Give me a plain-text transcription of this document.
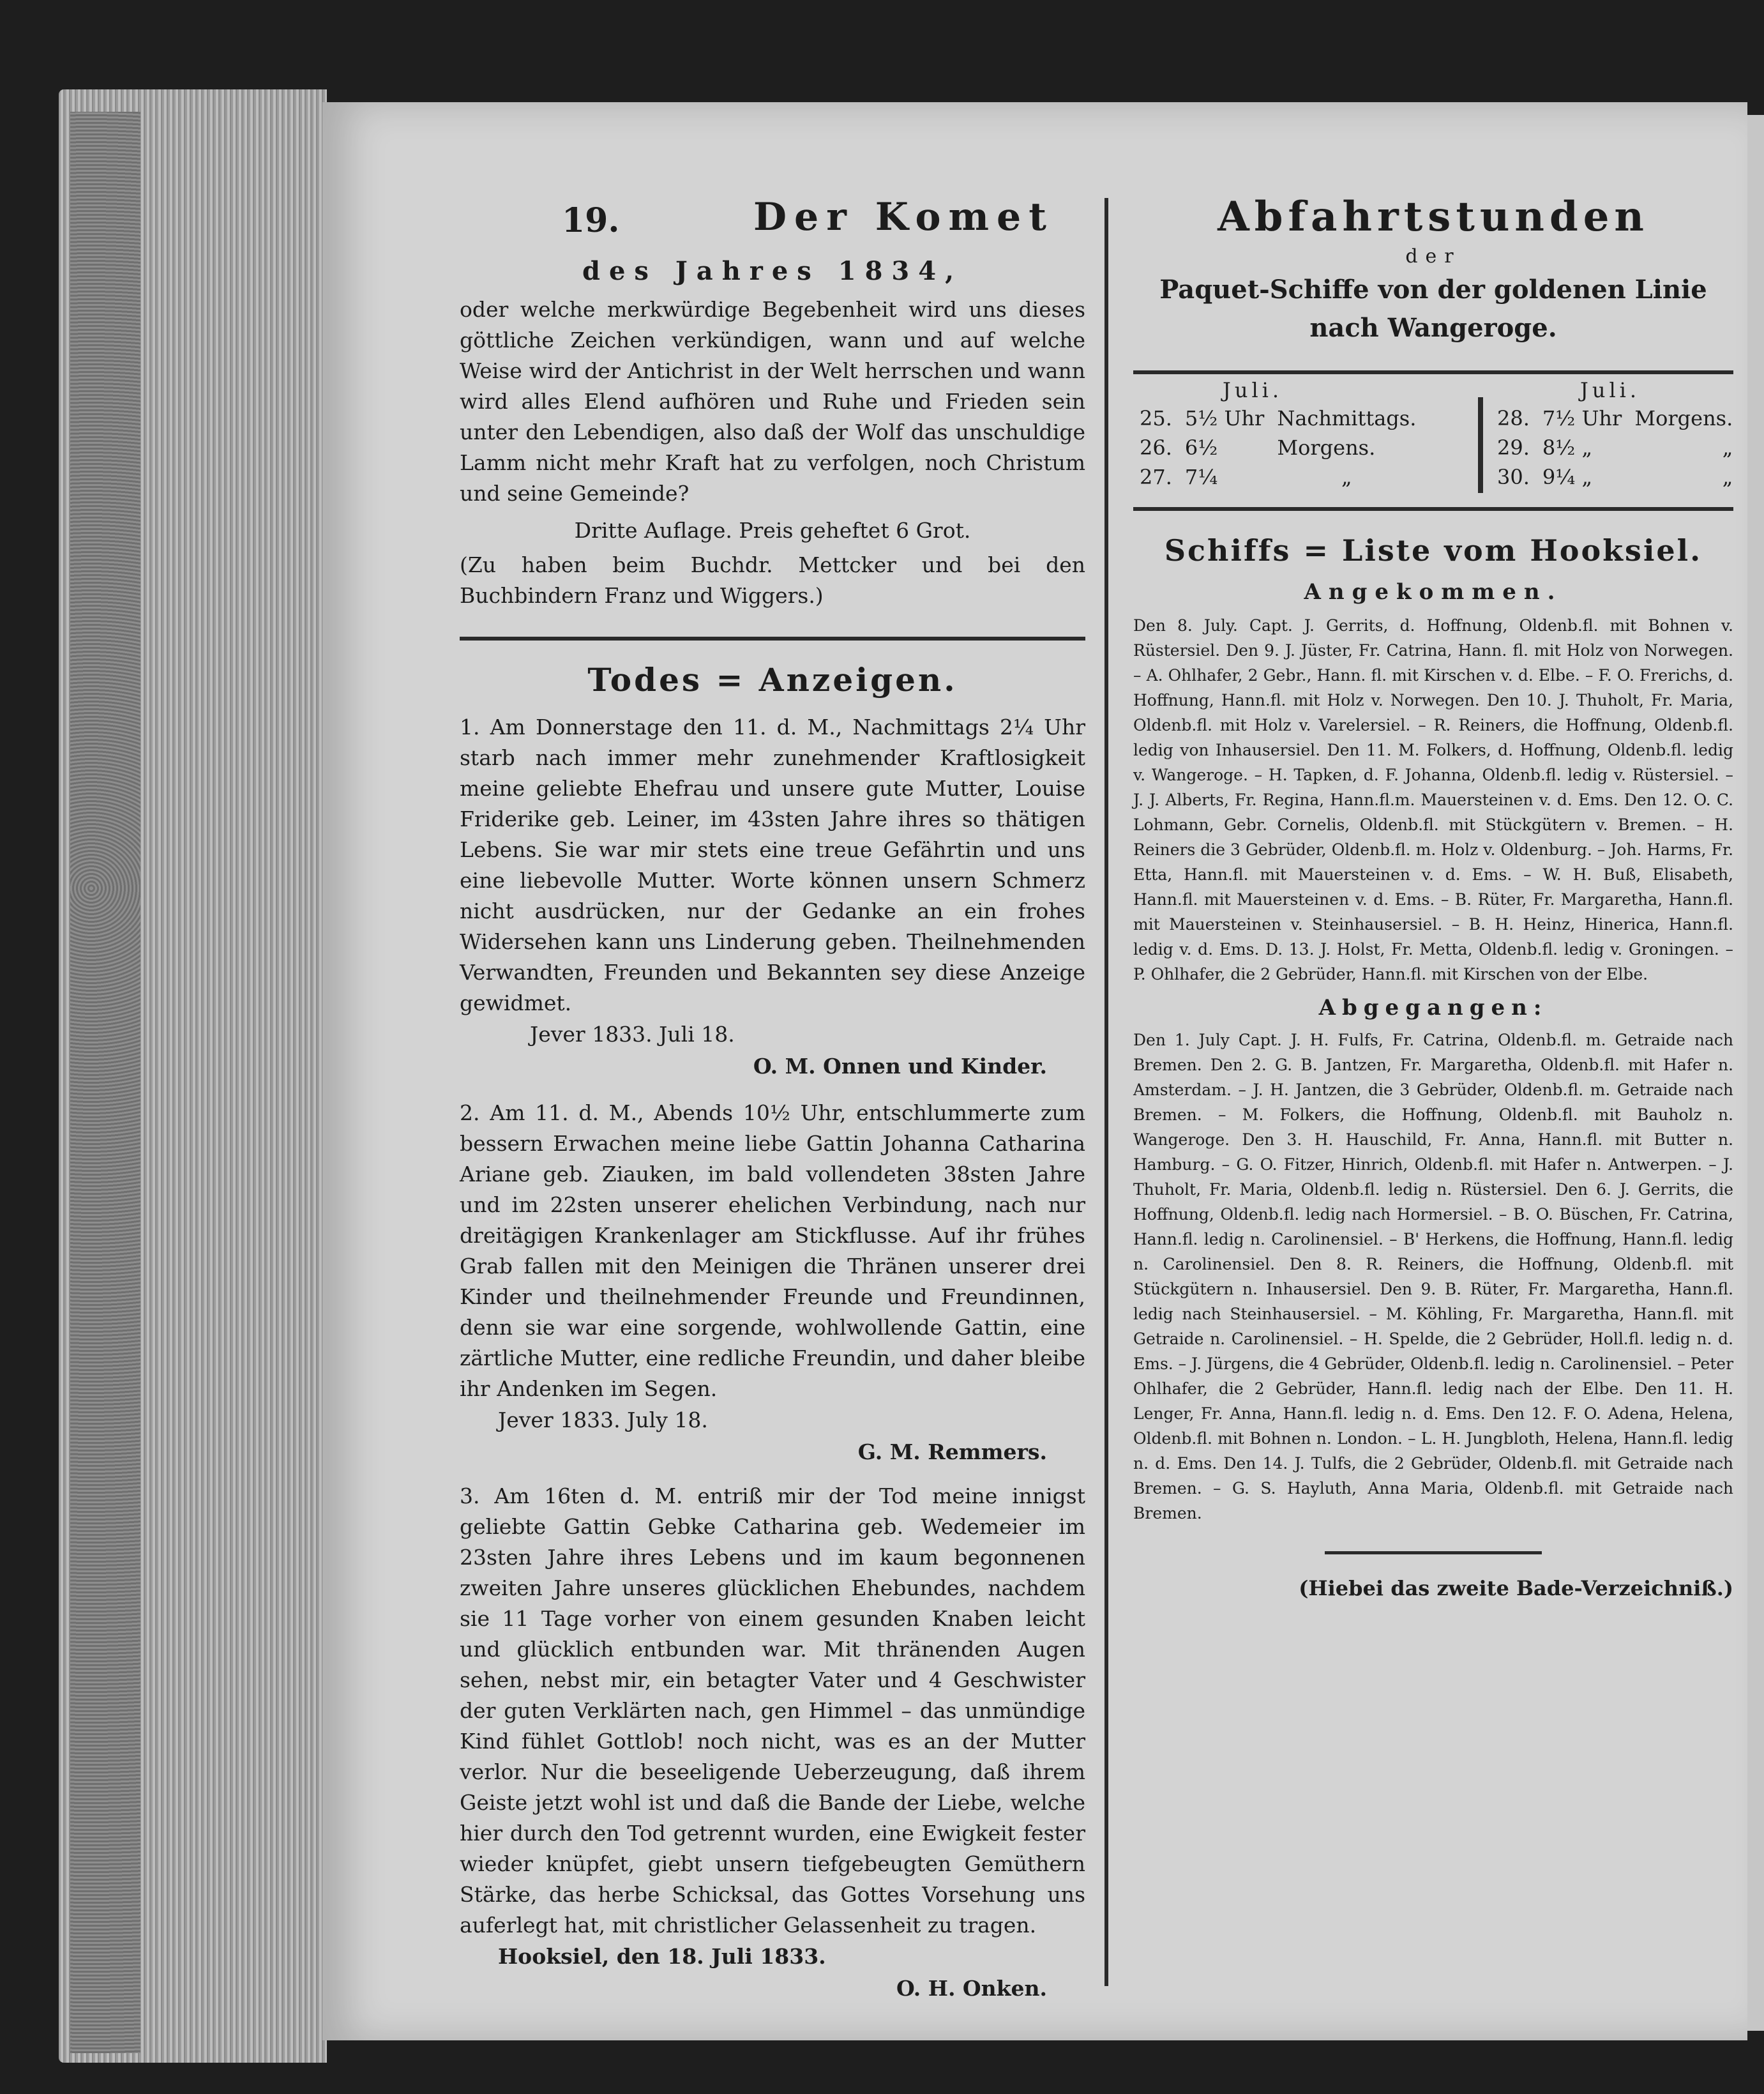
19.	Der Komet

des Jahres 1834,

oder welche merkwürdige Begebenheit wird uns dieses göttliche Zeichen verkündigen, wann und auf welche Weise wird der Antichrist in der Welt herrschen und wann wird alles Elend aufhören und Ruhe und Frieden sein unter den Lebendigen, also daß der Wolf das unschuldige Lamm nicht mehr Kraft hat zu verfolgen, noch Christum und seine Gemeinde?

Dritte Auflage. Preis geheftet 6 Grot.

(Zu haben beim Buchdr. Mettcker und bei den Buchbindern Franz und Wiggers.)

Todes = Anzeigen.

1. Am Donnerstage den 11. d. M., Nachmittags 2¼ Uhr starb nach immer mehr zunehmender Kraftlosigkeit meine geliebte Ehefrau und unsere gute Mutter, Louise Friderike geb. Leiner, im 43sten Jahre ihres so thätigen Lebens. Sie war mir stets eine treue Gefährtin und uns eine liebevolle Mutter. Worte können unsern Schmerz nicht ausdrücken, nur der Gedanke an ein frohes Widersehen kann uns Linderung geben. Theilnehmenden Verwandten, Freunden und Bekannten sey diese Anzeige gewidmet.

Jever 1833. Juli 18.

O. M. Onnen und Kinder.

2. Am 11. d. M., Abends 10½ Uhr, entschlummerte zum bessern Erwachen meine liebe Gattin Johanna Catharina Ariane geb. Ziauken, im bald vollendeten 38sten Jahre und im 22sten unserer ehelichen Verbindung, nach nur dreitägigen Krankenlager am Stickflusse. Auf ihr frühes Grab fallen mit den Meinigen die Thränen unserer drei Kinder und theilnehmender Freunde und Freundinnen, denn sie war eine sorgende, wohlwollende Gattin, eine zärtliche Mutter, eine redliche Freundin, und daher bleibe ihr Andenken im Segen.

Jever 1833. July 18.

G. M. Remmers.

3. Am 16ten d. M. entriß mir der Tod meine innigst geliebte Gattin Gebke Catharina geb. Wedemeier im 23sten Jahre ihres Lebens und im kaum begonnenen zweiten Jahre unseres glücklichen Ehebundes, nachdem sie 11 Tage vorher von einem gesunden Knaben leicht und glücklich entbunden war. Mit thränenden Augen sehen, nebst mir, ein betagter Vater und 4 Geschwister der guten Verklärten nach, gen Himmel – das unmündige Kind fühlet Gottlob! noch nicht, was es an der Mutter verlor. Nur die beseeligende Ueberzeugung, daß ihrem Geiste jetzt wohl ist und daß die Bande der Liebe, welche hier durch den Tod getrennt wurden, eine Ewigkeit fester wieder knüpfet, giebt unsern tiefgebeugten Gemüthern Stärke, das herbe Schicksal, das Gottes Vorsehung uns auferlegt hat, mit christlicher Gelassenheit zu tragen.

Hooksiel, den 18. Juli 1833.

O. H. Onken.

Abfahrtstunden

der

Paquet-Schiffe von der goldenen Linie

nach Wangeroge.

Juli.	Juli.
25.	5½ Uhr	Nachmittags.
26.	6½	Morgens.
27.	7¼	„
28.	7½ Uhr	Morgens.
29.	8½ „	„
30.	9¼ „	„

Schiffs = Liste vom Hooksiel.

Angekommen.

Den 8. July. Capt. J. Gerrits, d. Hoffnung, Oldenb.fl. mit Bohnen v. Rüstersiel. Den 9. J. Jüster, Fr. Catrina, Hann. fl. mit Holz von Norwegen. – A. Ohlhafer, 2 Gebr., Hann. fl. mit Kirschen v. d. Elbe. – F. O. Frerichs, d. Hoffnung, Hann.fl. mit Holz v. Norwegen. Den 10. J. Thuholt, Fr. Maria, Oldenb.fl. mit Holz v. Varelersiel. – R. Reiners, die Hoffnung, Oldenb.fl. ledig von Inhausersiel. Den 11. M. Folkers, d. Hoffnung, Oldenb.fl. ledig v. Wangeroge. – H. Tapken, d. F. Johanna, Oldenb.fl. ledig v. Rüstersiel. – J. J. Alberts, Fr. Regina, Hann.fl.m. Mauersteinen v. d. Ems. Den 12. O. C. Lohmann, Gebr. Cornelis, Oldenb.fl. mit Stückgütern v. Bremen. – H. Reiners die 3 Gebrüder, Oldenb.fl. m. Holz v. Oldenburg. – Joh. Harms, Fr. Etta, Hann.fl. mit Mauersteinen v. d. Ems. – W. H. Buß, Elisabeth, Hann.fl. mit Mauersteinen v. d. Ems. – B. Rüter, Fr. Margaretha, Hann.fl. mit Mauersteinen v. Steinhausersiel. – B. H. Heinz, Hinerica, Hann.fl. ledig v. d. Ems. D. 13. J. Holst, Fr. Metta, Oldenb.fl. ledig v. Groningen. – P. Ohlhafer, die 2 Gebrüder, Hann.fl. mit Kirschen von der Elbe.

Abgegangen:

Den 1. July Capt. J. H. Fulfs, Fr. Catrina, Oldenb.fl. m. Getraide nach Bremen. Den 2. G. B. Jantzen, Fr. Margaretha, Oldenb.fl. mit Hafer n. Amsterdam. – J. H. Jantzen, die 3 Gebrüder, Oldenb.fl. m. Getraide nach Bremen. – M. Folkers, die Hoffnung, Oldenb.fl. mit Bauholz n. Wangeroge. Den 3. H. Hauschild, Fr. Anna, Hann.fl. mit Butter n. Hamburg. – G. O. Fitzer, Hinrich, Oldenb.fl. mit Hafer n. Antwerpen. – J. Thuholt, Fr. Maria, Oldenb.fl. ledig n. Rüstersiel. Den 6. J. Gerrits, die Hoffnung, Oldenb.fl. ledig nach Hormersiel. – B. O. Büschen, Fr. Catrina, Hann.fl. ledig n. Carolinensiel. – B' Herkens, die Hoffnung, Hann.fl. ledig n. Carolinensiel. Den 8. R. Reiners, die Hoffnung, Oldenb.fl. mit Stückgütern n. Inhausersiel. Den 9. B. Rüter, Fr. Margaretha, Hann.fl. ledig nach Steinhausersiel. – M. Köhling, Fr. Margaretha, Hann.fl. mit Getraide n. Carolinensiel. – H. Spelde, die 2 Gebrüder, Holl.fl. ledig n. d. Ems. – J. Jürgens, die 4 Gebrüder, Oldenb.fl. ledig n. Carolinensiel. – Peter Ohlhafer, die 2 Gebrüder, Hann.fl. ledig nach der Elbe. Den 11. H. Lenger, Fr. Anna, Hann.fl. ledig n. d. Ems. Den 12. F. O. Adena, Helena, Oldenb.fl. mit Bohnen n. London. – L. H. Jungbloth, Helena, Hann.fl. ledig n. d. Ems. Den 14. J. Tulfs, die 2 Gebrüder, Oldenb.fl. mit Getraide nach Bremen. – G. S. Hayluth, Anna Maria, Oldenb.fl. mit Getraide nach Bremen.

(Hiebei das zweite Bade-Verzeichniß.)
